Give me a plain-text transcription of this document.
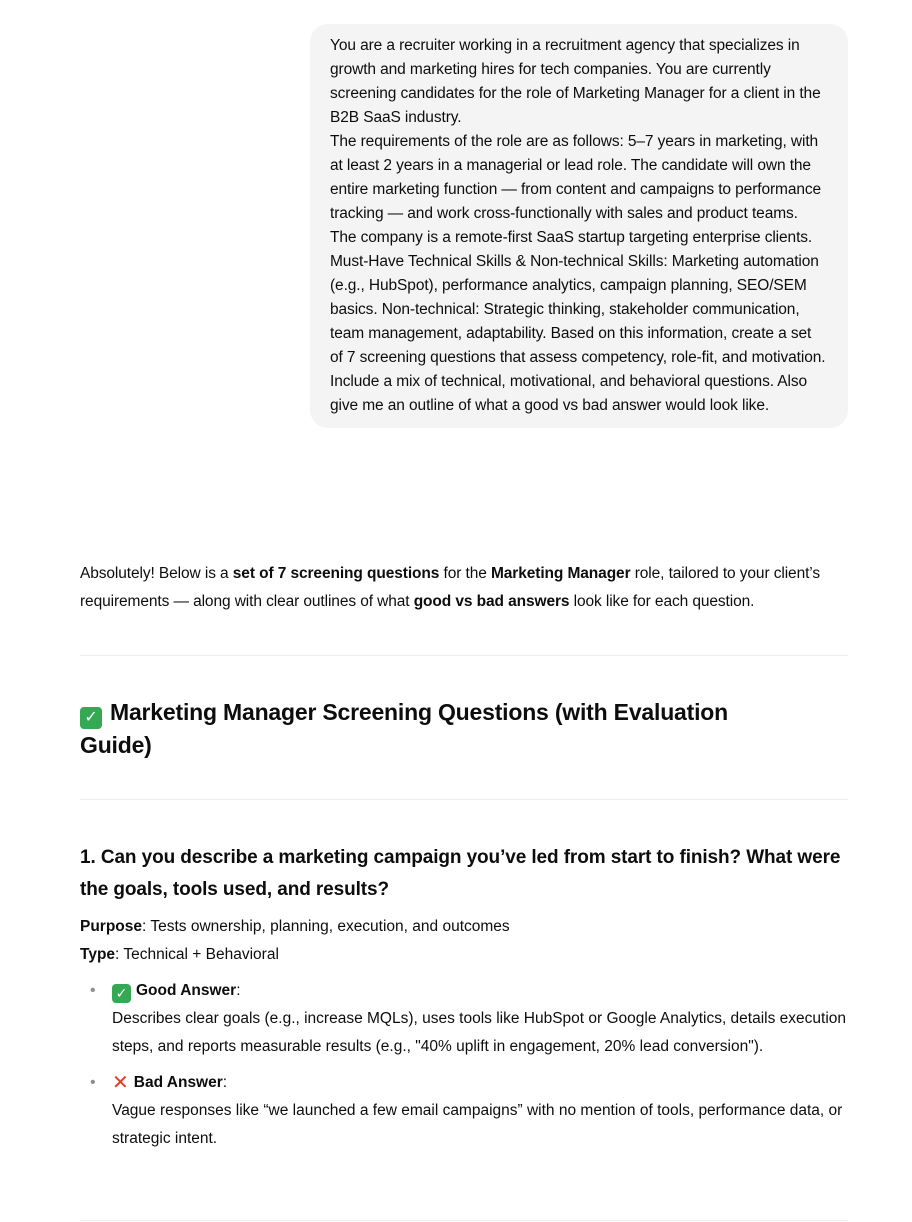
You are a recruiter working in a recruitment agency that specializes in growth and marketing hires for tech companies. You are currently screening candidates for the role of Marketing Manager for a client in the B2B SaaS industry.

The requirements of the role are as follows: 5–7 years in marketing, with at least 2 years in a managerial or lead role. The candidate will own the entire marketing function — from content and campaigns to performance tracking — and work cross-functionally with sales and product teams. The company is a remote-first SaaS startup targeting enterprise clients.

Must-Have Technical Skills & Non-technical Skills: Marketing automation (e.g., HubSpot), performance analytics, campaign planning, SEO/SEM basics. Non-technical: Strategic thinking, stakeholder communication, team management, adaptability. Based on this information, create a set of 7 screening questions that assess competency, role-fit, and motivation. Include a mix of technical, motivational, and behavioral questions. Also give me an outline of what a good vs bad answer would look like.

Absolutely! Below is a set of 7 screening questions for the Marketing Manager role, tailored to your client’s requirements — along with clear outlines of what good vs bad answers look like for each question.

✓ Marketing Manager Screening Questions (with Evaluation Guide)
1. Can you describe a marketing campaign you’ve led from start to finish? What were the goals, tools used, and results?
Purpose: Tests ownership, planning, execution, and outcomes
Type: Technical + Behavioral
• ✓ Good Answer:
Describes clear goals (e.g., increase MQLs), uses tools like HubSpot or Google Analytics, details execution steps, and reports measurable results (e.g., "40% uplift in engagement, 20% lead conversion").
• ✕ Bad Answer:
Vague responses like “we launched a few email campaigns” with no mention of tools, performance data, or strategic intent.
